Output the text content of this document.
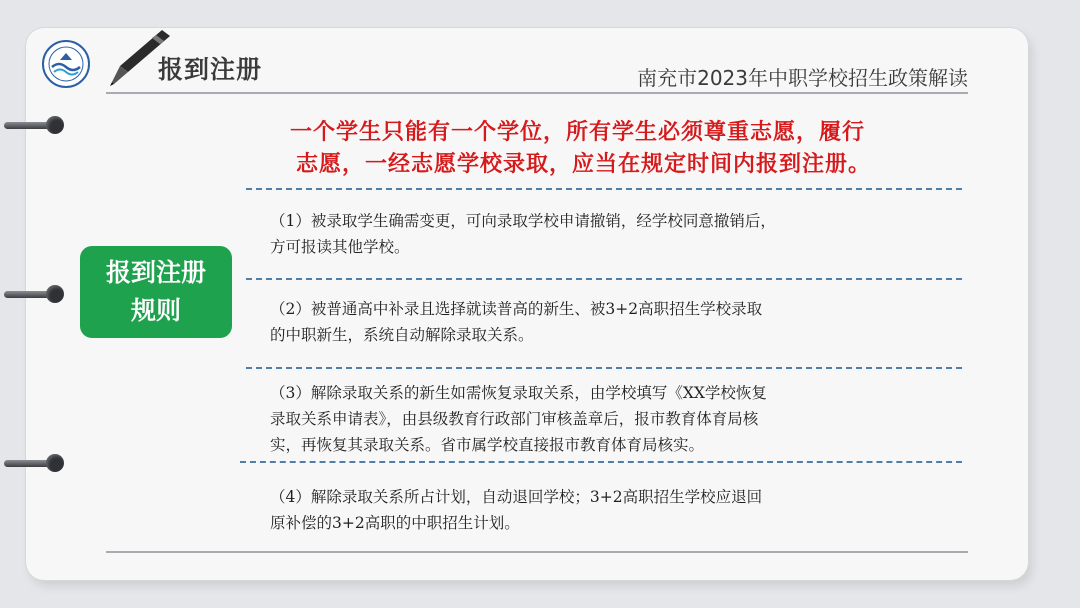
报到注册	南充市2023年中职学校招生政策解读
一个学生只能有一个学位，所有学生必须尊重志愿，履行
志愿，一经志愿学校录取，应当在规定时间内报到注册。
报到注册
规则
（1）被录取学生确需变更，可向录取学校申请撤销，经学校同意撤销后，
方可报读其他学校。
（2）被普通高中补录且选择就读普高的新生、被3+2高职招生学校录取
的中职新生，系统自动解除录取关系。
（3）解除录取关系的新生如需恢复录取关系，由学校填写《XX学校恢复
录取关系申请表》，由县级教育行政部门审核盖章后，报市教育体育局核
实，再恢复其录取关系。省市属学校直接报市教育体育局核实。
（4）解除录取关系所占计划，自动退回学校；3+2高职招生学校应退回
原补偿的3+2高职的中职招生计划。
